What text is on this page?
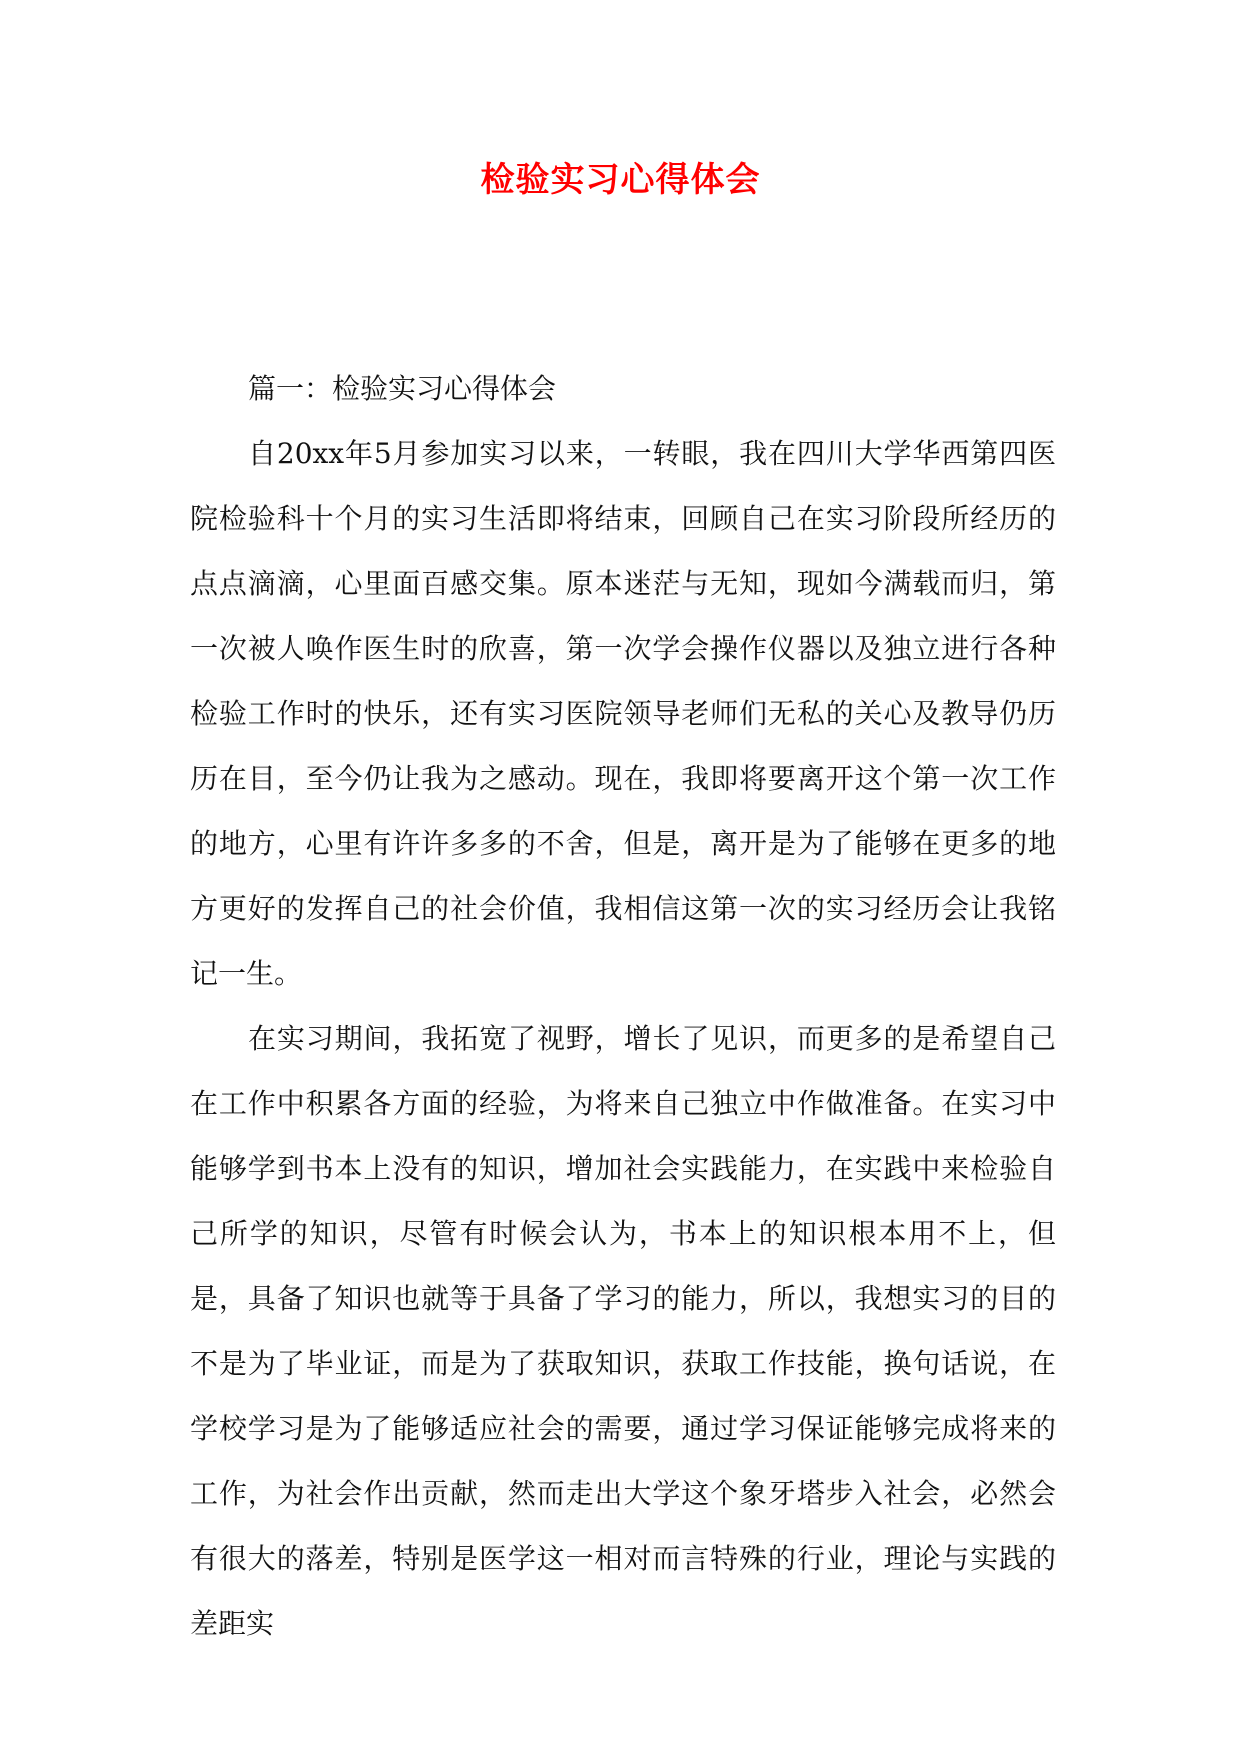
检验实习心得体会

篇一：检验实习心得体会

自20xx年5月参加实习以来，一转眼，我在四川大学华西第四医院检验科十个月的实习生活即将结束，回顾自己在实习阶段所经历的点点滴滴，心里面百感交集。原本迷茫与无知，现如今满载而归，第一次被人唤作医生时的欣喜，第一次学会操作仪器以及独立进行各种检验工作时的快乐，还有实习医院领导老师们无私的关心及教导仍历历在目，至今仍让我为之感动。现在，我即将要离开这个第一次工作的地方，心里有许许多多的不舍，但是，离开是为了能够在更多的地方更好的发挥自己的社会价值，我相信这第一次的实习经历会让我铭记一生。

在实习期间，我拓宽了视野，增长了见识，而更多的是希望自己在工作中积累各方面的经验，为将来自己独立中作做准备。在实习中能够学到书本上没有的知识，增加社会实践能力，在实践中来检验自己所学的知识，尽管有时候会认为，书本上的知识根本用不上，但是，具备了知识也就等于具备了学习的能力，所以，我想实习的目的不是为了毕业证，而是为了获取知识，获取工作技能，换句话说，在学校学习是为了能够适应社会的需要，通过学习保证能够完成将来的工作，为社会作出贡献，然而走出大学这个象牙塔步入社会，必然会有很大的落差，特别是医学这一相对而言特殊的行业，理论与实践的差距实
